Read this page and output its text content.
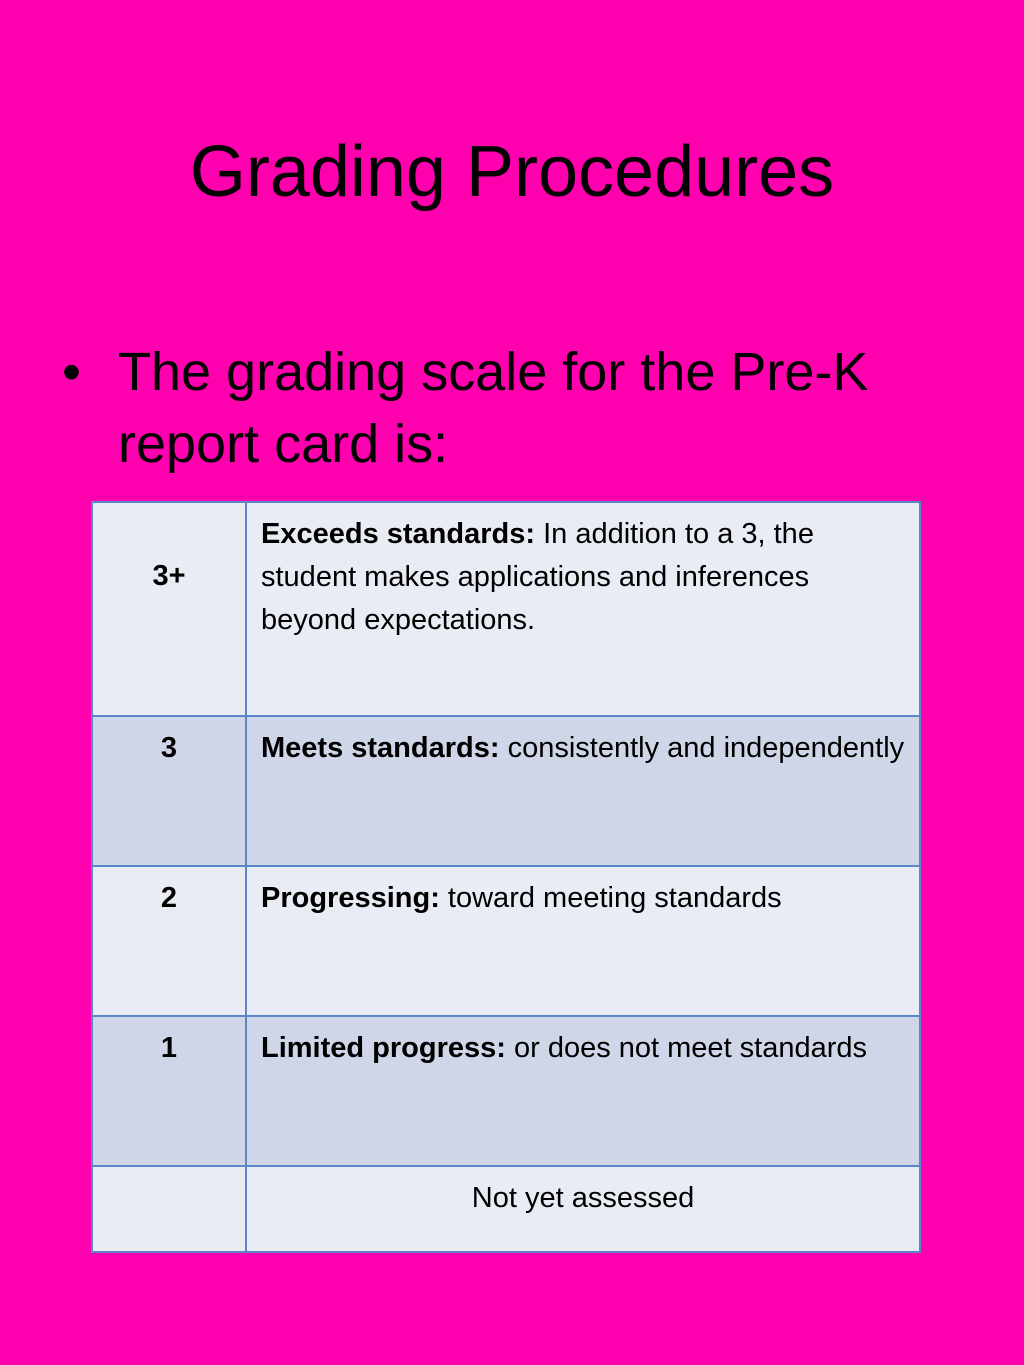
Grading Procedures
• The grading scale for the Pre-K report card is:
3+	Exceeds standards: In addition to a 3, the student makes applications and inferences beyond expectations.
3	Meets standards: consistently and independently
2	Progressing: toward meeting standards
1	Limited progress: or does not meet standards
	Not yet assessed
